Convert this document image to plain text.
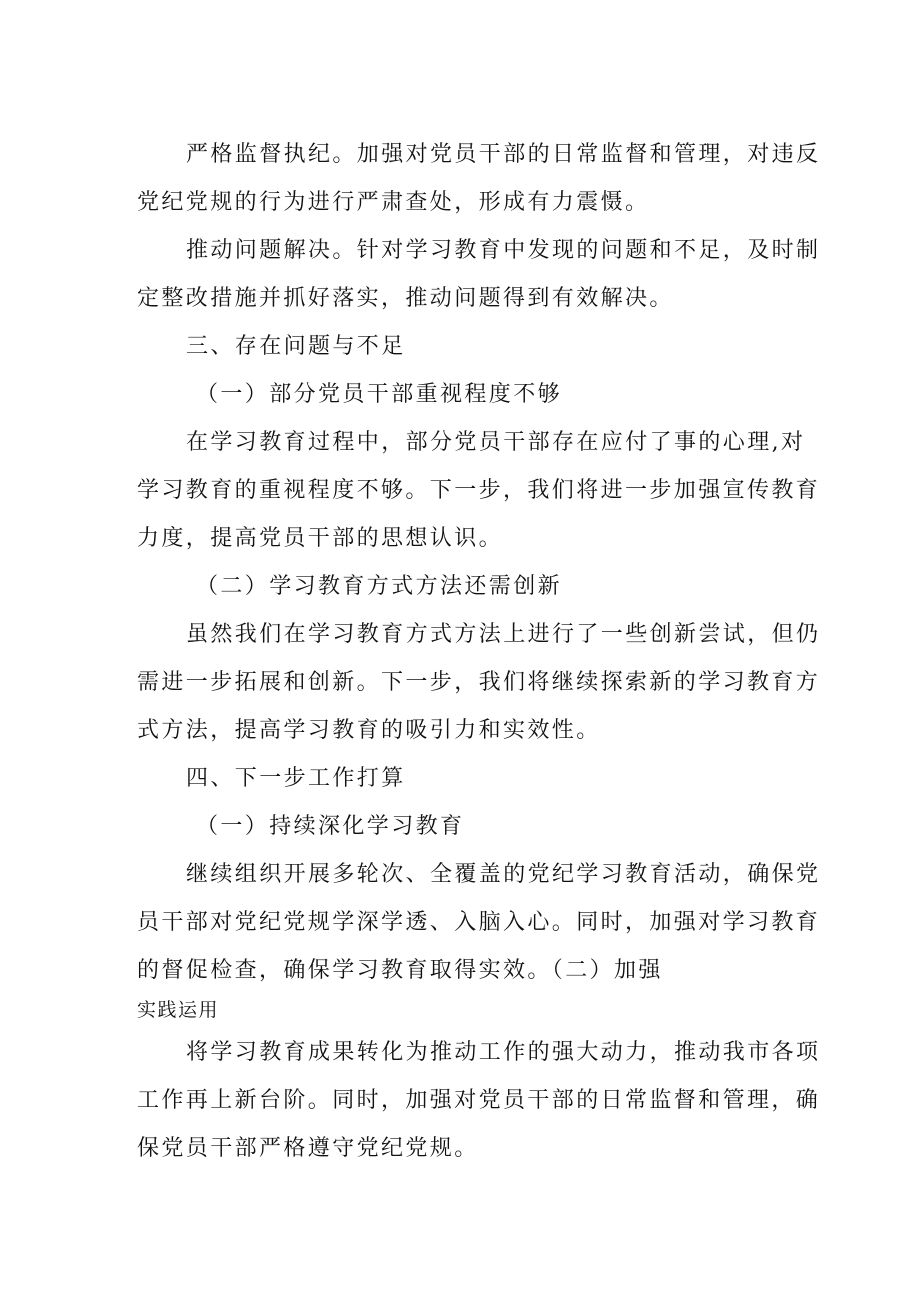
严格监督执纪。加强对党员干部的日常监督和管理，对违反
党纪党规的行为进行严肃查处，形成有力震慑。
推动问题解决。针对学习教育中发现的问题和不足，及时制
定整改措施并抓好落实，推动问题得到有效解决。
三、存在问题与不足
（一）部分党员干部重视程度不够
在学习教育过程中，部分党员干部存在应付了事的心理,对
学习教育的重视程度不够。下一步，我们将进一步加强宣传教育
力度，提高党员干部的思想认识。
（二）学习教育方式方法还需创新
虽然我们在学习教育方式方法上进行了一些创新尝试，但仍
需进一步拓展和创新。下一步，我们将继续探索新的学习教育方
式方法，提高学习教育的吸引力和实效性。
四、下一步工作打算
（一）持续深化学习教育
继续组织开展多轮次、全覆盖的党纪学习教育活动，确保党
员干部对党纪党规学深学透、入脑入心。同时，加强对学习教育
的督促检查，确保学习教育取得实效。（二）加强
实践运用
将学习教育成果转化为推动工作的强大动力，推动我市各项
工作再上新台阶。同时，加强对党员干部的日常监督和管理，确
保党员干部严格遵守党纪党规。
